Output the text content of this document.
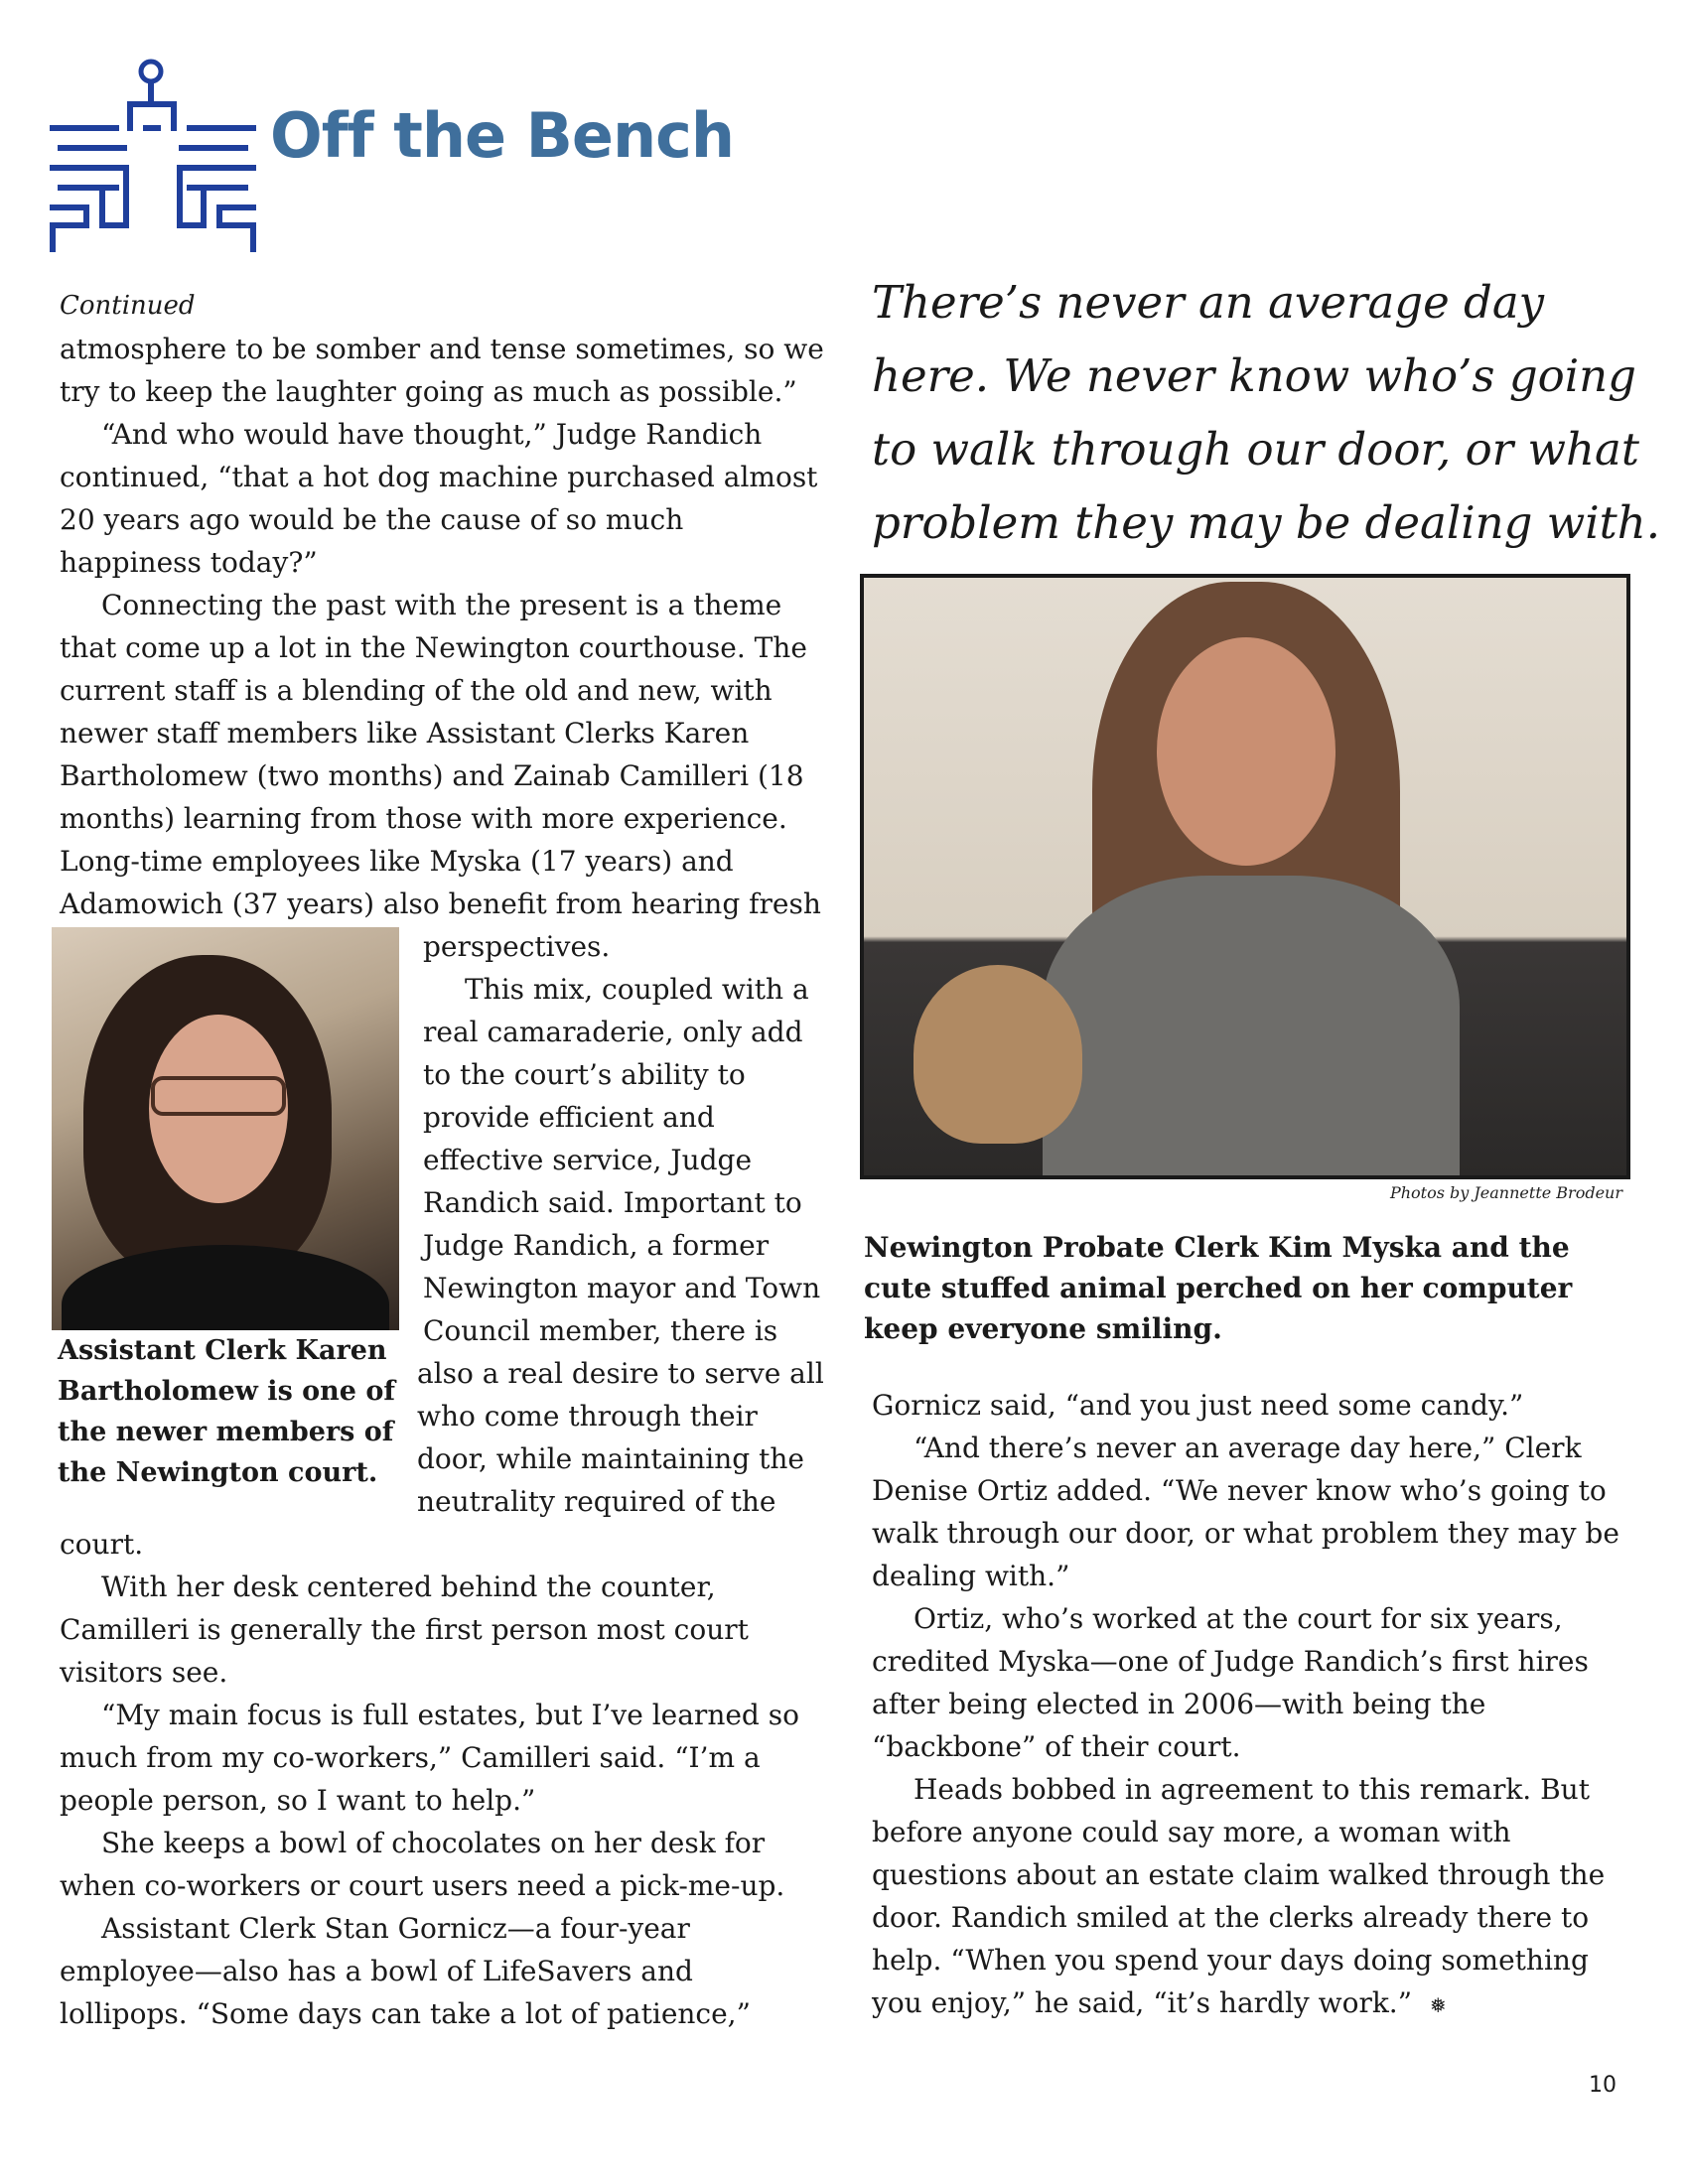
Off the Bench
Continued

atmosphere to be somber and tense sometimes, so we try to keep the laughter going as much as possible.”

“And who would have thought,” Judge Randich continued, “that a hot dog machine purchased almost 20 years ago would be the cause of so much happiness today?”

Connecting the past with the present is a theme that come up a lot in the Newington courthouse. The current staff is a blending of the old and new, with newer staff members like Assistant Clerks Karen Bartholomew (two months) and Zainab Camilleri (18 months) learning from those with more experience. Long-time employees like Myska (17 years) and Adamowich (37 years) also benefit from hearing fresh

Assistant Clerk Karen Bartholomew is one of the newer members of the Newington court.

perspectives.

This mix, coupled with a real camaraderie, only add to the court’s ability to provide efficient and effective service, Judge Randich said. Important to Judge Randich, a former Newington mayor and Town Council member, there is also a real desire to serve all who come through their door, while maintaining the neutrality required of the court.

With her desk centered behind the counter, Camilleri is generally the first person most court visitors see.

“My main focus is full estates, but I’ve learned so much from my co-workers,” Camilleri said. “I’m a people person, so I want to help.”

She keeps a bowl of chocolates on her desk for when co-workers or court users need a pick-me-up.

Assistant Clerk Stan Gornicz—a four-year employee—also has a bowl of LifeSavers and lollipops. “Some days can take a lot of patience,”

There’s never an average day here. We never know who’s going to walk through our door, or what problem they may be dealing with.
Photos by Jeannette Brodeur

Newington Probate Clerk Kim Myska and the cute stuffed animal perched on her computer keep everyone smiling.

Gornicz said, “and you just need some candy.”

“And there’s never an average day here,” Clerk Denise Ortiz added. “We never know who’s going to walk through our door, or what problem they may be dealing with.”

Ortiz, who’s worked at the court for six years, credited Myska—one of Judge Randich’s first hires after being elected in 2006—with being the “backbone” of their court.

Heads bobbed in agreement to this remark. But before anyone could say more, a woman with questions about an estate claim walked through the door. Randich smiled at the clerks already there to help. “When you spend your days doing something you enjoy,” he said, “it’s hardly work.” ❅

10
